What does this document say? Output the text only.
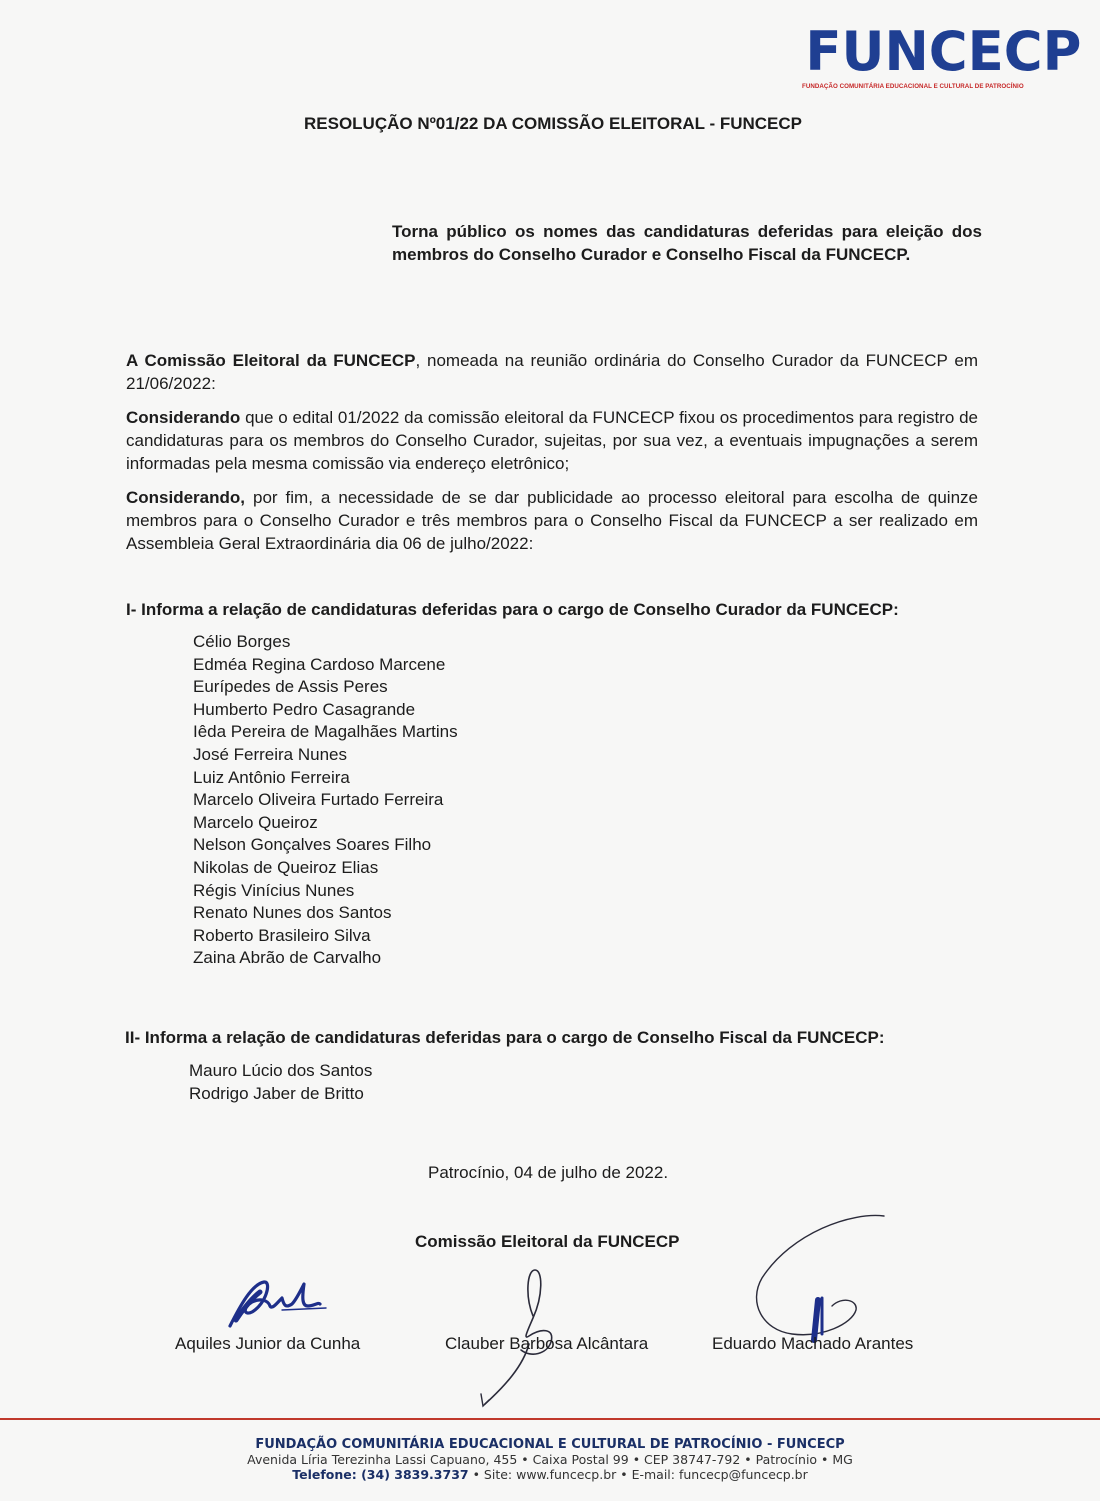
FUNCECP
FUNDAÇÃO COMUNITÁRIA EDUCACIONAL E CULTURAL DE PATROCÍNIO
RESOLUÇÃO Nº01/22 DA COMISSÃO ELEITORAL - FUNCECP
Torna público os nomes das candidaturas deferidas para eleição dos membros do Conselho Curador e Conselho Fiscal da FUNCECP.
A Comissão Eleitoral da FUNCECP, nomeada na reunião ordinária do Conselho Curador da FUNCECP em 21/06/2022:
Considerando que o edital 01/2022 da comissão eleitoral da FUNCECP fixou os procedimentos para registro de candidaturas para os membros do Conselho Curador, sujeitas, por sua vez, a eventuais impugnações a serem informadas pela mesma comissão via endereço eletrônico;
Considerando, por fim, a necessidade de se dar publicidade ao processo eleitoral para escolha de quinze membros para o Conselho Curador e três membros para o Conselho Fiscal da FUNCECP a ser realizado em Assembleia Geral Extraordinária dia 06 de julho/2022:
I- Informa a relação de candidaturas deferidas para o cargo de Conselho Curador da FUNCECP:
Célio Borges
Edméa Regina Cardoso Marcene
Eurípedes de Assis Peres
Humberto Pedro Casagrande
Iêda Pereira de Magalhães Martins
José Ferreira Nunes
Luiz Antônio Ferreira
Marcelo Oliveira Furtado Ferreira
Marcelo Queiroz
Nelson Gonçalves Soares Filho
Nikolas de Queiroz Elias
Régis Vinícius Nunes
Renato Nunes dos Santos
Roberto Brasileiro Silva
Zaina Abrão de Carvalho
II- Informa a relação de candidaturas deferidas para o cargo de Conselho Fiscal da FUNCECP:
Mauro Lúcio dos Santos
Rodrigo Jaber de Britto
Patrocínio, 04 de julho de 2022.
Comissão Eleitoral da FUNCECP
Aquiles Junior da Cunha	Clauber Barbosa Alcântara	Eduardo Machado Arantes
FUNDAÇÃO COMUNITÁRIA EDUCACIONAL E CULTURAL DE PATROCÍNIO - FUNCECP
Avenida Líria Terezinha Lassi Capuano, 455 • Caixa Postal 99 • CEP 38747-792 • Patrocínio • MG
Telefone: (34) 3839.3737 • Site: www.funcecp.br • E-mail: funcecp@funcecp.br
